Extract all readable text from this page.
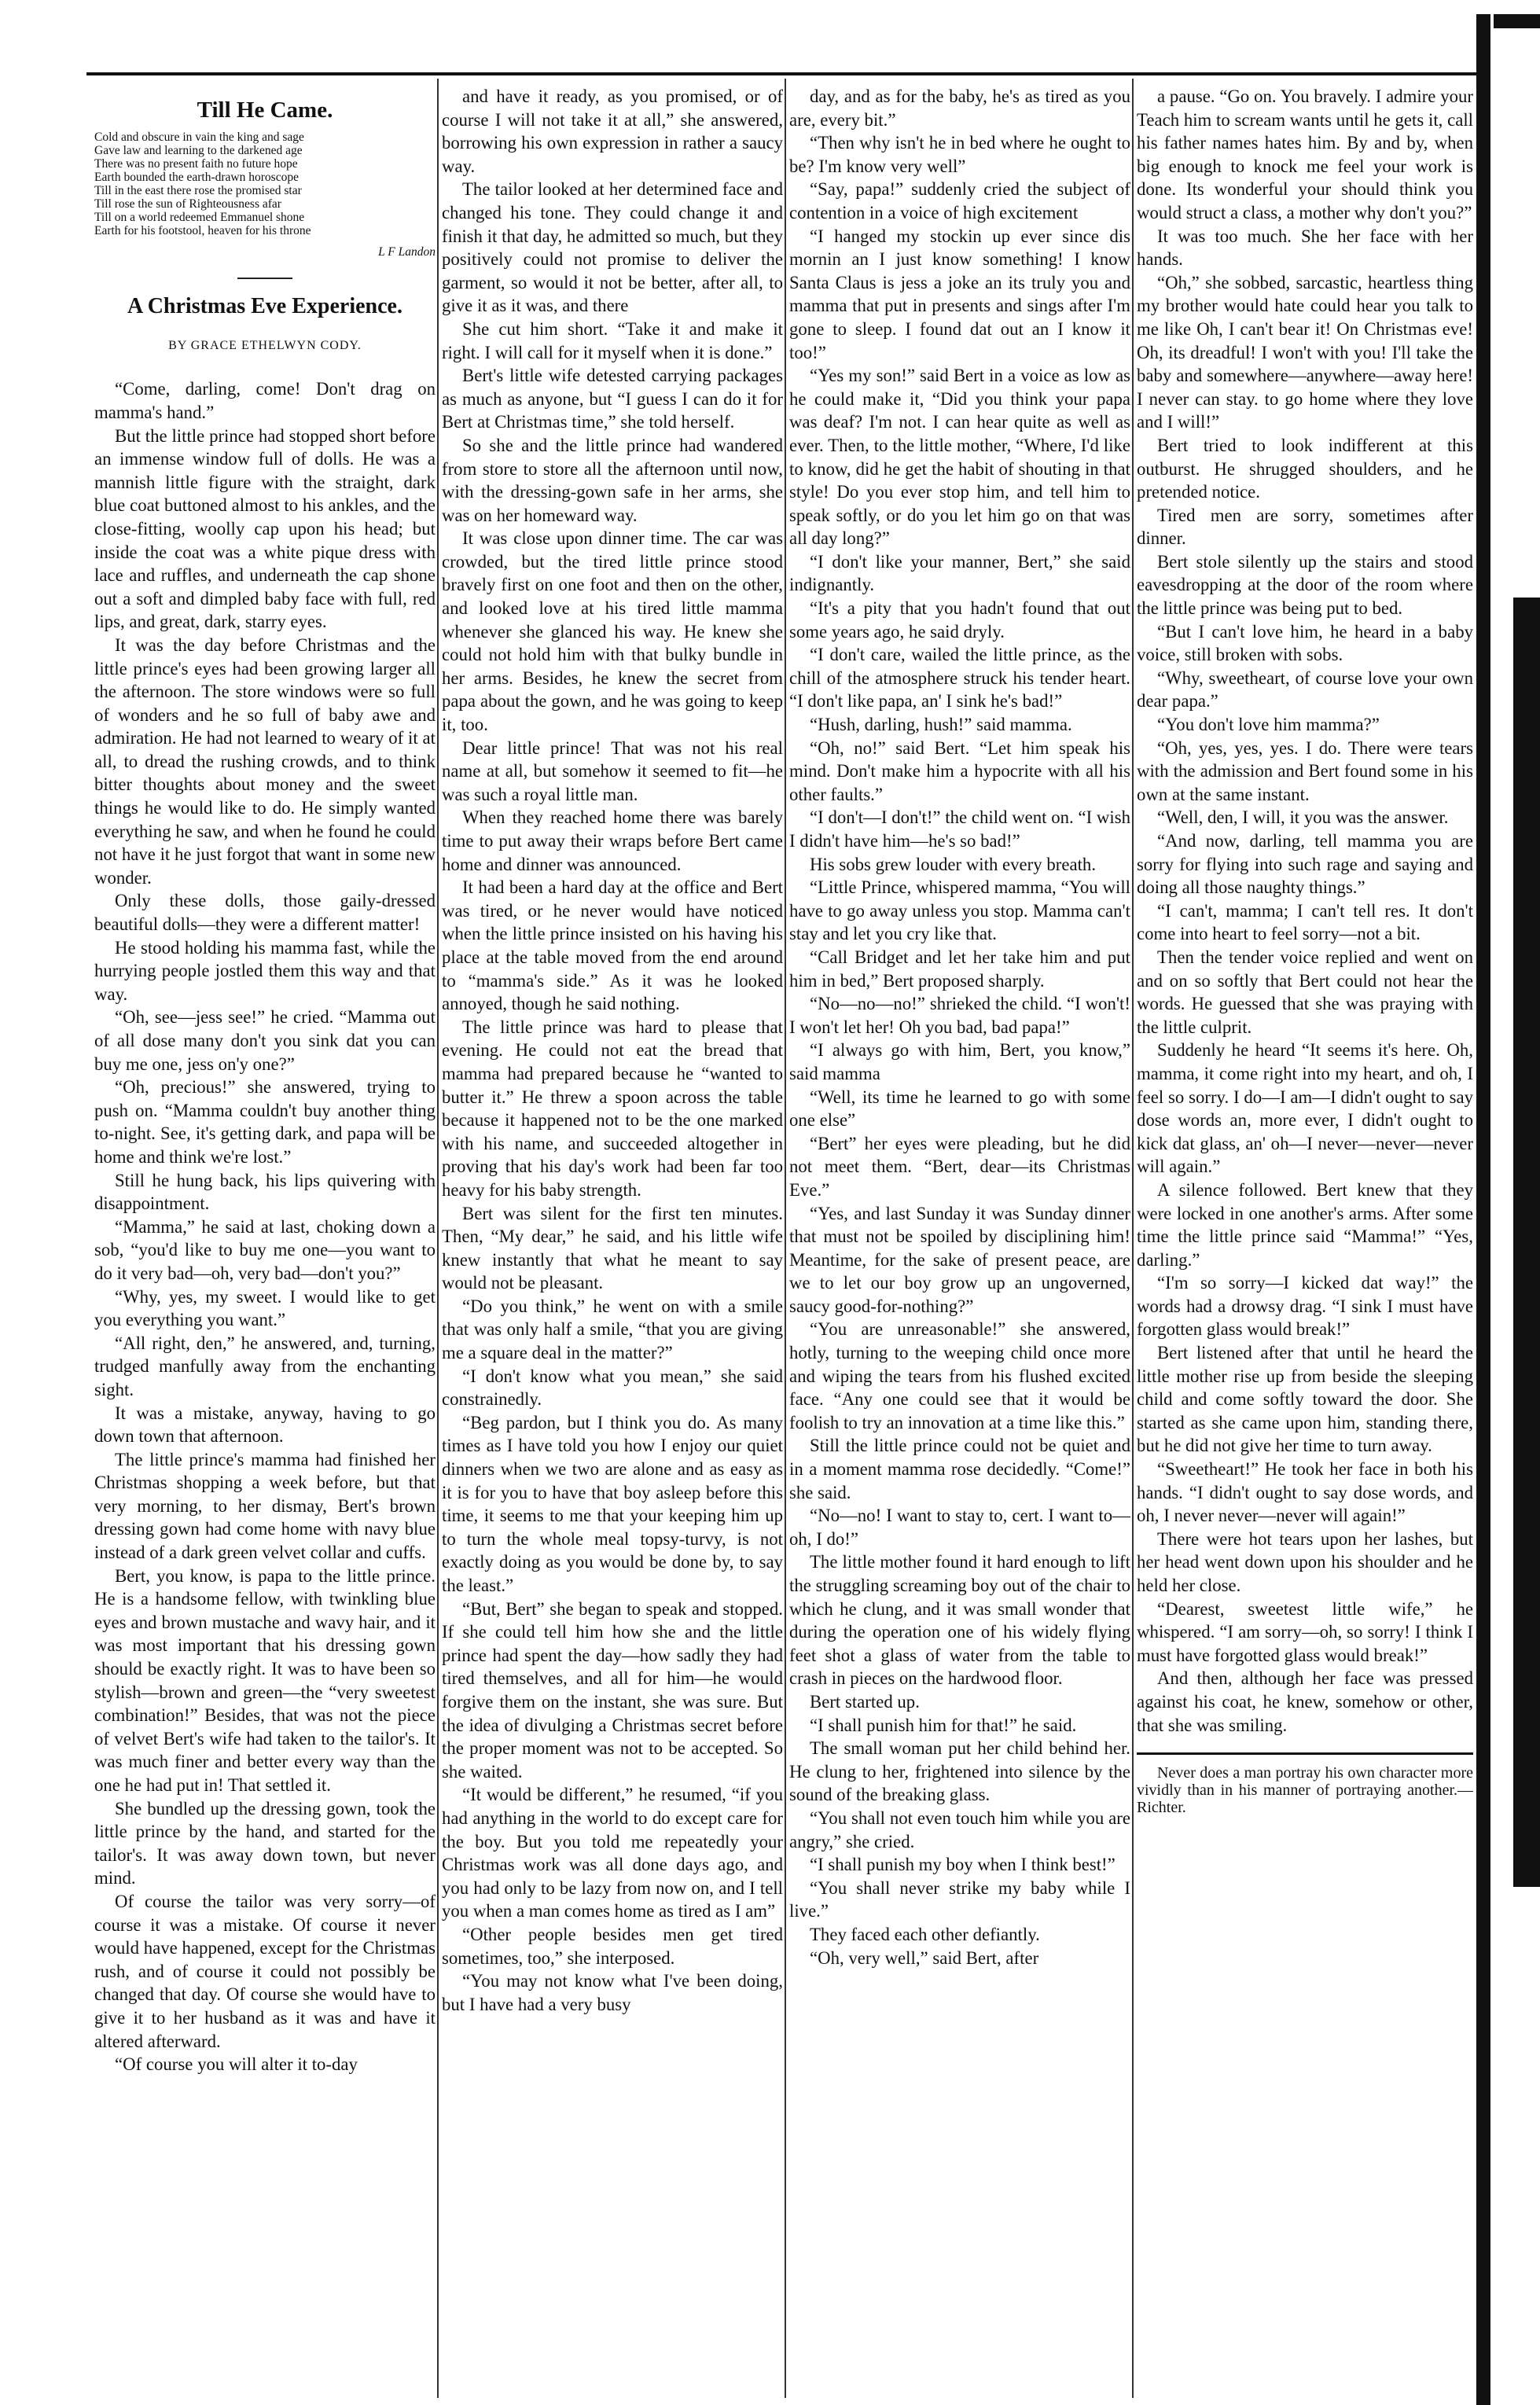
Till He Came.
Cold and obscure in vain the king and sage
Gave law and learning to the darkened age
There was no present faith no future hope
Earth bounded the earth-drawn horoscope
Till in the east there rose the promised star
Till rose the sun of Righteousness afar
Till on a world redeemed Emmanuel shone
Earth for his footstool, heaven for his throne
L F Landon
A Christmas Eve Experience.
BY GRACE ETHELWYN CODY.

“Come, darling, come! Don't drag on mamma's hand.”

But the little prince had stopped short before an immense window full of dolls. He was a mannish little figure with the straight, dark blue coat buttoned almost to his ankles, and the close-fitting, woolly cap upon his head; but inside the coat was a white pique dress with lace and ruffles, and underneath the cap shone out a soft and dimpled baby face with full, red lips, and great, dark, starry eyes.

It was the day before Christmas and the little prince's eyes had been growing larger all the afternoon. The store windows were so full of wonders and he so full of baby awe and admiration. He had not learned to weary of it at all, to dread the rushing crowds, and to think bitter thoughts about money and the sweet things he would like to do. He simply wanted everything he saw, and when he found he could not have it he just forgot that want in some new wonder.

Only these dolls, those gaily-dressed beautiful dolls—they were a different matter!

He stood holding his mamma fast, while the hurrying people jostled them this way and that way.

“Oh, see—jess see!” he cried. “Mamma out of all dose many don't you sink dat you can buy me one, jess on'y one?”

“Oh, precious!” she answered, trying to push on. “Mamma couldn't buy another thing to-night. See, it's getting dark, and papa will be home and think we're lost.”

Still he hung back, his lips quivering with disappointment.

“Mamma,” he said at last, choking down a sob, “you'd like to buy me one—you want to do it very bad—oh, very bad—don't you?”

“Why, yes, my sweet. I would like to get you everything you want.”

“All right, den,” he answered, and, turning, trudged manfully away from the enchanting sight.

It was a mistake, anyway, having to go down town that afternoon.

The little prince's mamma had finished her Christmas shopping a week before, but that very morning, to her dismay, Bert's brown dressing gown had come home with navy blue instead of a dark green velvet collar and cuffs.

Bert, you know, is papa to the little prince. He is a handsome fellow, with twinkling blue eyes and brown mustache and wavy hair, and it was most important that his dressing gown should be exactly right. It was to have been so stylish—brown and green—the “very sweetest combination!” Besides, that was not the piece of velvet Bert's wife had taken to the tailor's. It was much finer and better every way than the one he had put in! That settled it.

She bundled up the dressing gown, took the little prince by the hand, and started for the tailor's. It was away down town, but never mind.

Of course the tailor was very sorry—of course it was a mistake. Of course it never would have happened, except for the Christmas rush, and of course it could not possibly be changed that day. Of course she would have to give it to her husband as it was and have it altered afterward.

“Of course you will alter it to-day

and have it ready, as you promised, or of course I will not take it at all,” she answered, borrowing his own expression in rather a saucy way.

The tailor looked at her determined face and changed his tone. They could change it and finish it that day, he admitted so much, but they positively could not promise to deliver the garment, so would it not be better, after all, to give it as it was, and there

She cut him short. “Take it and make it right. I will call for it myself when it is done.”

Bert's little wife detested carrying packages as much as anyone, but “I guess I can do it for Bert at Christmas time,” she told herself.

So she and the little prince had wandered from store to store all the afternoon until now, with the dressing-gown safe in her arms, she was on her homeward way.

It was close upon dinner time. The car was crowded, but the tired little prince stood bravely first on one foot and then on the other, and looked love at his tired little mamma whenever she glanced his way. He knew she could not hold him with that bulky bundle in her arms. Besides, he knew the secret from papa about the gown, and he was going to keep it, too.

Dear little prince! That was not his real name at all, but somehow it seemed to fit—he was such a royal little man.

When they reached home there was barely time to put away their wraps before Bert came home and dinner was announced.

It had been a hard day at the office and Bert was tired, or he never would have noticed when the little prince insisted on his having his place at the table moved from the end around to “mamma's side.” As it was he looked annoyed, though he said nothing.

The little prince was hard to please that evening. He could not eat the bread that mamma had prepared because he “wanted to butter it.” He threw a spoon across the table because it happened not to be the one marked with his name, and succeeded altogether in proving that his day's work had been far too heavy for his baby strength.

Bert was silent for the first ten minutes. Then, “My dear,” he said, and his little wife knew instantly that what he meant to say would not be pleasant.

“Do you think,” he went on with a smile that was only half a smile, “that you are giving me a square deal in the matter?”

“I don't know what you mean,” she said constrainedly.

“Beg pardon, but I think you do. As many times as I have told you how I enjoy our quiet dinners when we two are alone and as easy as it is for you to have that boy asleep before this time, it seems to me that your keeping him up to turn the whole meal topsy-turvy, is not exactly doing as you would be done by, to say the least.”

“But, Bert” she began to speak and stopped. If she could tell him how she and the little prince had spent the day—how sadly they had tired themselves, and all for him—he would forgive them on the instant, she was sure. But the idea of divulging a Christmas secret before the proper moment was not to be accepted. So she waited.

“It would be different,” he resumed, “if you had anything in the world to do except care for the boy. But you told me repeatedly your Christmas work was all done days ago, and you had only to be lazy from now on, and I tell you when a man comes home as tired as I am”

“Other people besides men get tired sometimes, too,” she interposed.

“You may not know what I've been doing, but I have had a very busy

day, and as for the baby, he's as tired as you are, every bit.”

“Then why isn't he in bed where he ought to be? I'm know very well”

“Say, papa!” suddenly cried the subject of contention in a voice of high excitement

“I hanged my stockin up ever since dis mornin an I just know something! I know Santa Claus is jess a joke an its truly you and mamma that put in presents and sings after I'm gone to sleep. I found dat out an I know it too!”

“Yes my son!” said Bert in a voice as low as he could make it, “Did you think your papa was deaf? I'm not. I can hear quite as well as ever. Then, to the little mother, “Where, I'd like to know, did he get the habit of shouting in that style! Do you ever stop him, and tell him to speak softly, or do you let him go on that was all day long?”

“I don't like your manner, Bert,” she said indignantly.

“It's a pity that you hadn't found that out some years ago, he said dryly.

“I don't care, wailed the little prince, as the chill of the atmosphere struck his tender heart. “I don't like papa, an' I sink he's bad!”

“Hush, darling, hush!” said mamma.

“Oh, no!” said Bert. “Let him speak his mind. Don't make him a hypocrite with all his other faults.”

“I don't—I don't!” the child went on. “I wish I didn't have him—he's so bad!”

His sobs grew louder with every breath.

“Little Prince, whispered mamma, “You will have to go away unless you stop. Mamma can't stay and let you cry like that.

“Call Bridget and let her take him and put him in bed,” Bert proposed sharply.

“No—no—no!” shrieked the child. “I won't! I won't let her! Oh you bad, bad papa!”

“I always go with him, Bert, you know,” said mamma

“Well, its time he learned to go with some one else”

“Bert” her eyes were pleading, but he did not meet them. “Bert, dear—its Christmas Eve.”

“Yes, and last Sunday it was Sunday dinner that must not be spoiled by disciplining him! Meantime, for the sake of present peace, are we to let our boy grow up an ungoverned, saucy good-for-nothing?”

“You are unreasonable!” she answered, hotly, turning to the weeping child once more and wiping the tears from his flushed excited face. “Any one could see that it would be foolish to try an innovation at a time like this.”

Still the little prince could not be quiet and in a moment mamma rose decidedly. “Come!” she said.

“No—no! I want to stay to, cert. I want to—oh, I do!”

The little mother found it hard enough to lift the struggling screaming boy out of the chair to which he clung, and it was small wonder that during the operation one of his widely flying feet shot a glass of water from the table to crash in pieces on the hardwood floor.

Bert started up.

“I shall punish him for that!” he said.

The small woman put her child behind her. He clung to her, frightened into silence by the sound of the breaking glass.

“You shall not even touch him while you are angry,” she cried.

“I shall punish my boy when I think best!”

“You shall never strike my baby while I live.”

They faced each other defiantly.

“Oh, very well,” said Bert, after

a pause. “Go on. You bravely. I admire your Teach him to scream wants until he gets it, call his father names hates him. By and by, when big enough to knock me feel your work is done. Its wonderful your should think you would struct a class, a mother why don't you?”

It was too much. She her face with her hands.

“Oh,” she sobbed, sarcastic, heartless thing my brother would hate could hear you talk to me like Oh, I can't bear it! On Christmas eve! Oh, its dreadful! I won't with you! I'll take the baby and somewhere—anywhere—away here! I never can stay. to go home where they love and I will!”

Bert tried to look indifferent at this outburst. He shrugged shoulders, and he pretended notice.

Tired men are sorry, sometimes after dinner.

Bert stole silently up the stairs and stood eavesdropping at the door of the room where the little prince was being put to bed.

“But I can't love him, he heard in a baby voice, still broken with sobs.

“Why, sweetheart, of course love your own dear papa.”

“You don't love him mamma?”

“Oh, yes, yes, yes. I do. There were tears with the admission and Bert found some in his own at the same instant.

“Well, den, I will, it you was the answer.

“And now, darling, tell mamma you are sorry for flying into such rage and saying and doing all those naughty things.”

“I can't, mamma; I can't tell res. It don't come into heart to feel sorry—not a bit.

Then the tender voice replied and went on and on so softly that Bert could not hear the words. He guessed that she was praying with the little culprit.

Suddenly he heard “It seems it's here. Oh, mamma, it come right into my heart, and oh, I feel so sorry. I do—I am—I didn't ought to say dose words an, more ever, I didn't ought to kick dat glass, an' oh—I never—never—never will again.”

A silence followed. Bert knew that they were locked in one another's arms. After some time the little prince said “Mamma!” “Yes, darling.”

“I'm so sorry—I kicked dat way!” the words had a drowsy drag. “I sink I must have forgotten glass would break!”

Bert listened after that until he heard the little mother rise up from beside the sleeping child and come softly toward the door. She started as she came upon him, standing there, but he did not give her time to turn away.

“Sweetheart!” He took her face in both his hands. “I didn't ought to say dose words, and oh, I never never—never will again!”

There were hot tears upon her lashes, but her head went down upon his shoulder and he held her close.

“Dearest, sweetest little wife,” he whispered. “I am sorry—oh, so sorry! I think I must have forgotted glass would break!”

And then, although her face was pressed against his coat, he knew, somehow or other, that she was smiling.

Never does a man portray his own character more vividly than in his manner of portraying another.—Richter.
